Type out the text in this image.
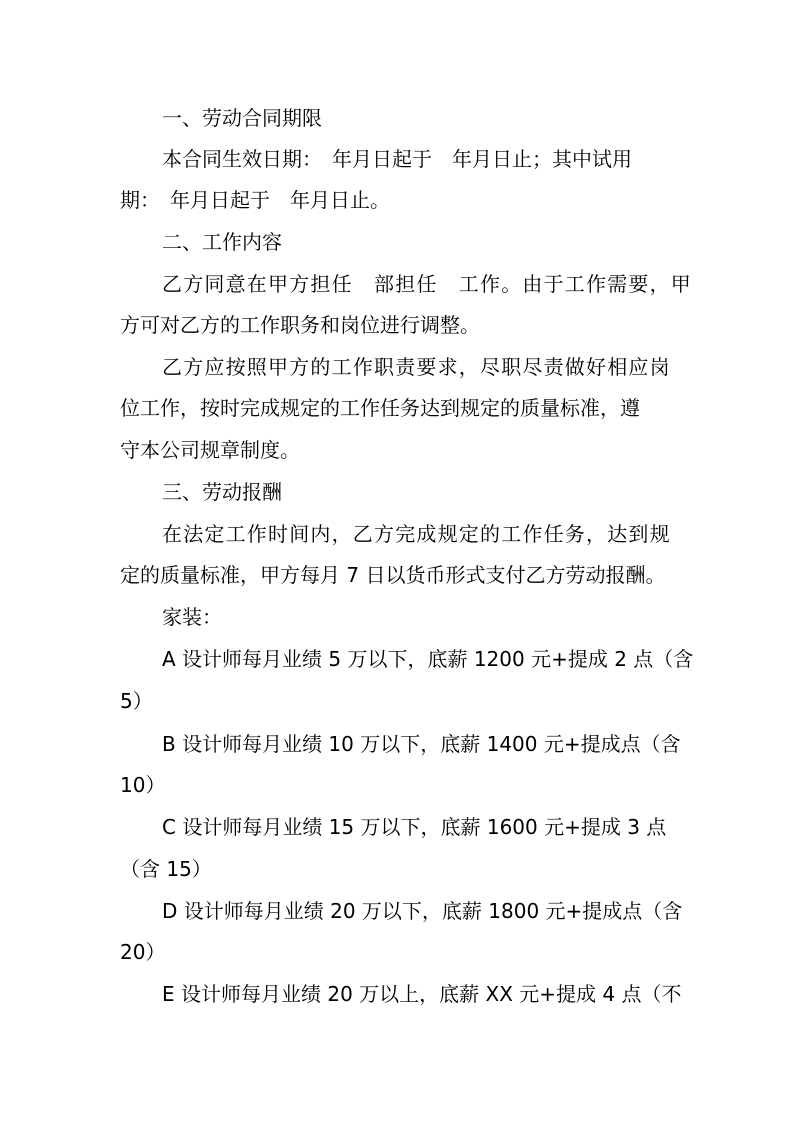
一、劳动合同期限
本合同生效日期：　年月日起于　年月日止；其中试用
期：　年月日起于　年月日止。
二、工作内容
乙方同意在甲方担任　部担任　工作。由于工作需要，甲
方可对乙方的工作职务和岗位进行调整。
乙方应按照甲方的工作职责要求，尽职尽责做好相应岗
位工作，按时完成规定的工作任务达到规定的质量标准，遵
守本公司规章制度。
三、劳动报酬
在法定工作时间内，乙方完成规定的工作任务，达到规
定的质量标准，甲方每月 7 日以货币形式支付乙方劳动报酬。
家装：
A 设计师每月业绩 5 万以下，底薪 1200 元+提成 2 点（含
5）
B 设计师每月业绩 10 万以下，底薪 1400 元+提成点（含
10）
C 设计师每月业绩 15 万以下，底薪 1600 元+提成 3 点
（含 15）
D 设计师每月业绩 20 万以下，底薪 1800 元+提成点（含
20）
E 设计师每月业绩 20 万以上，底薪 XX 元+提成 4 点（不
